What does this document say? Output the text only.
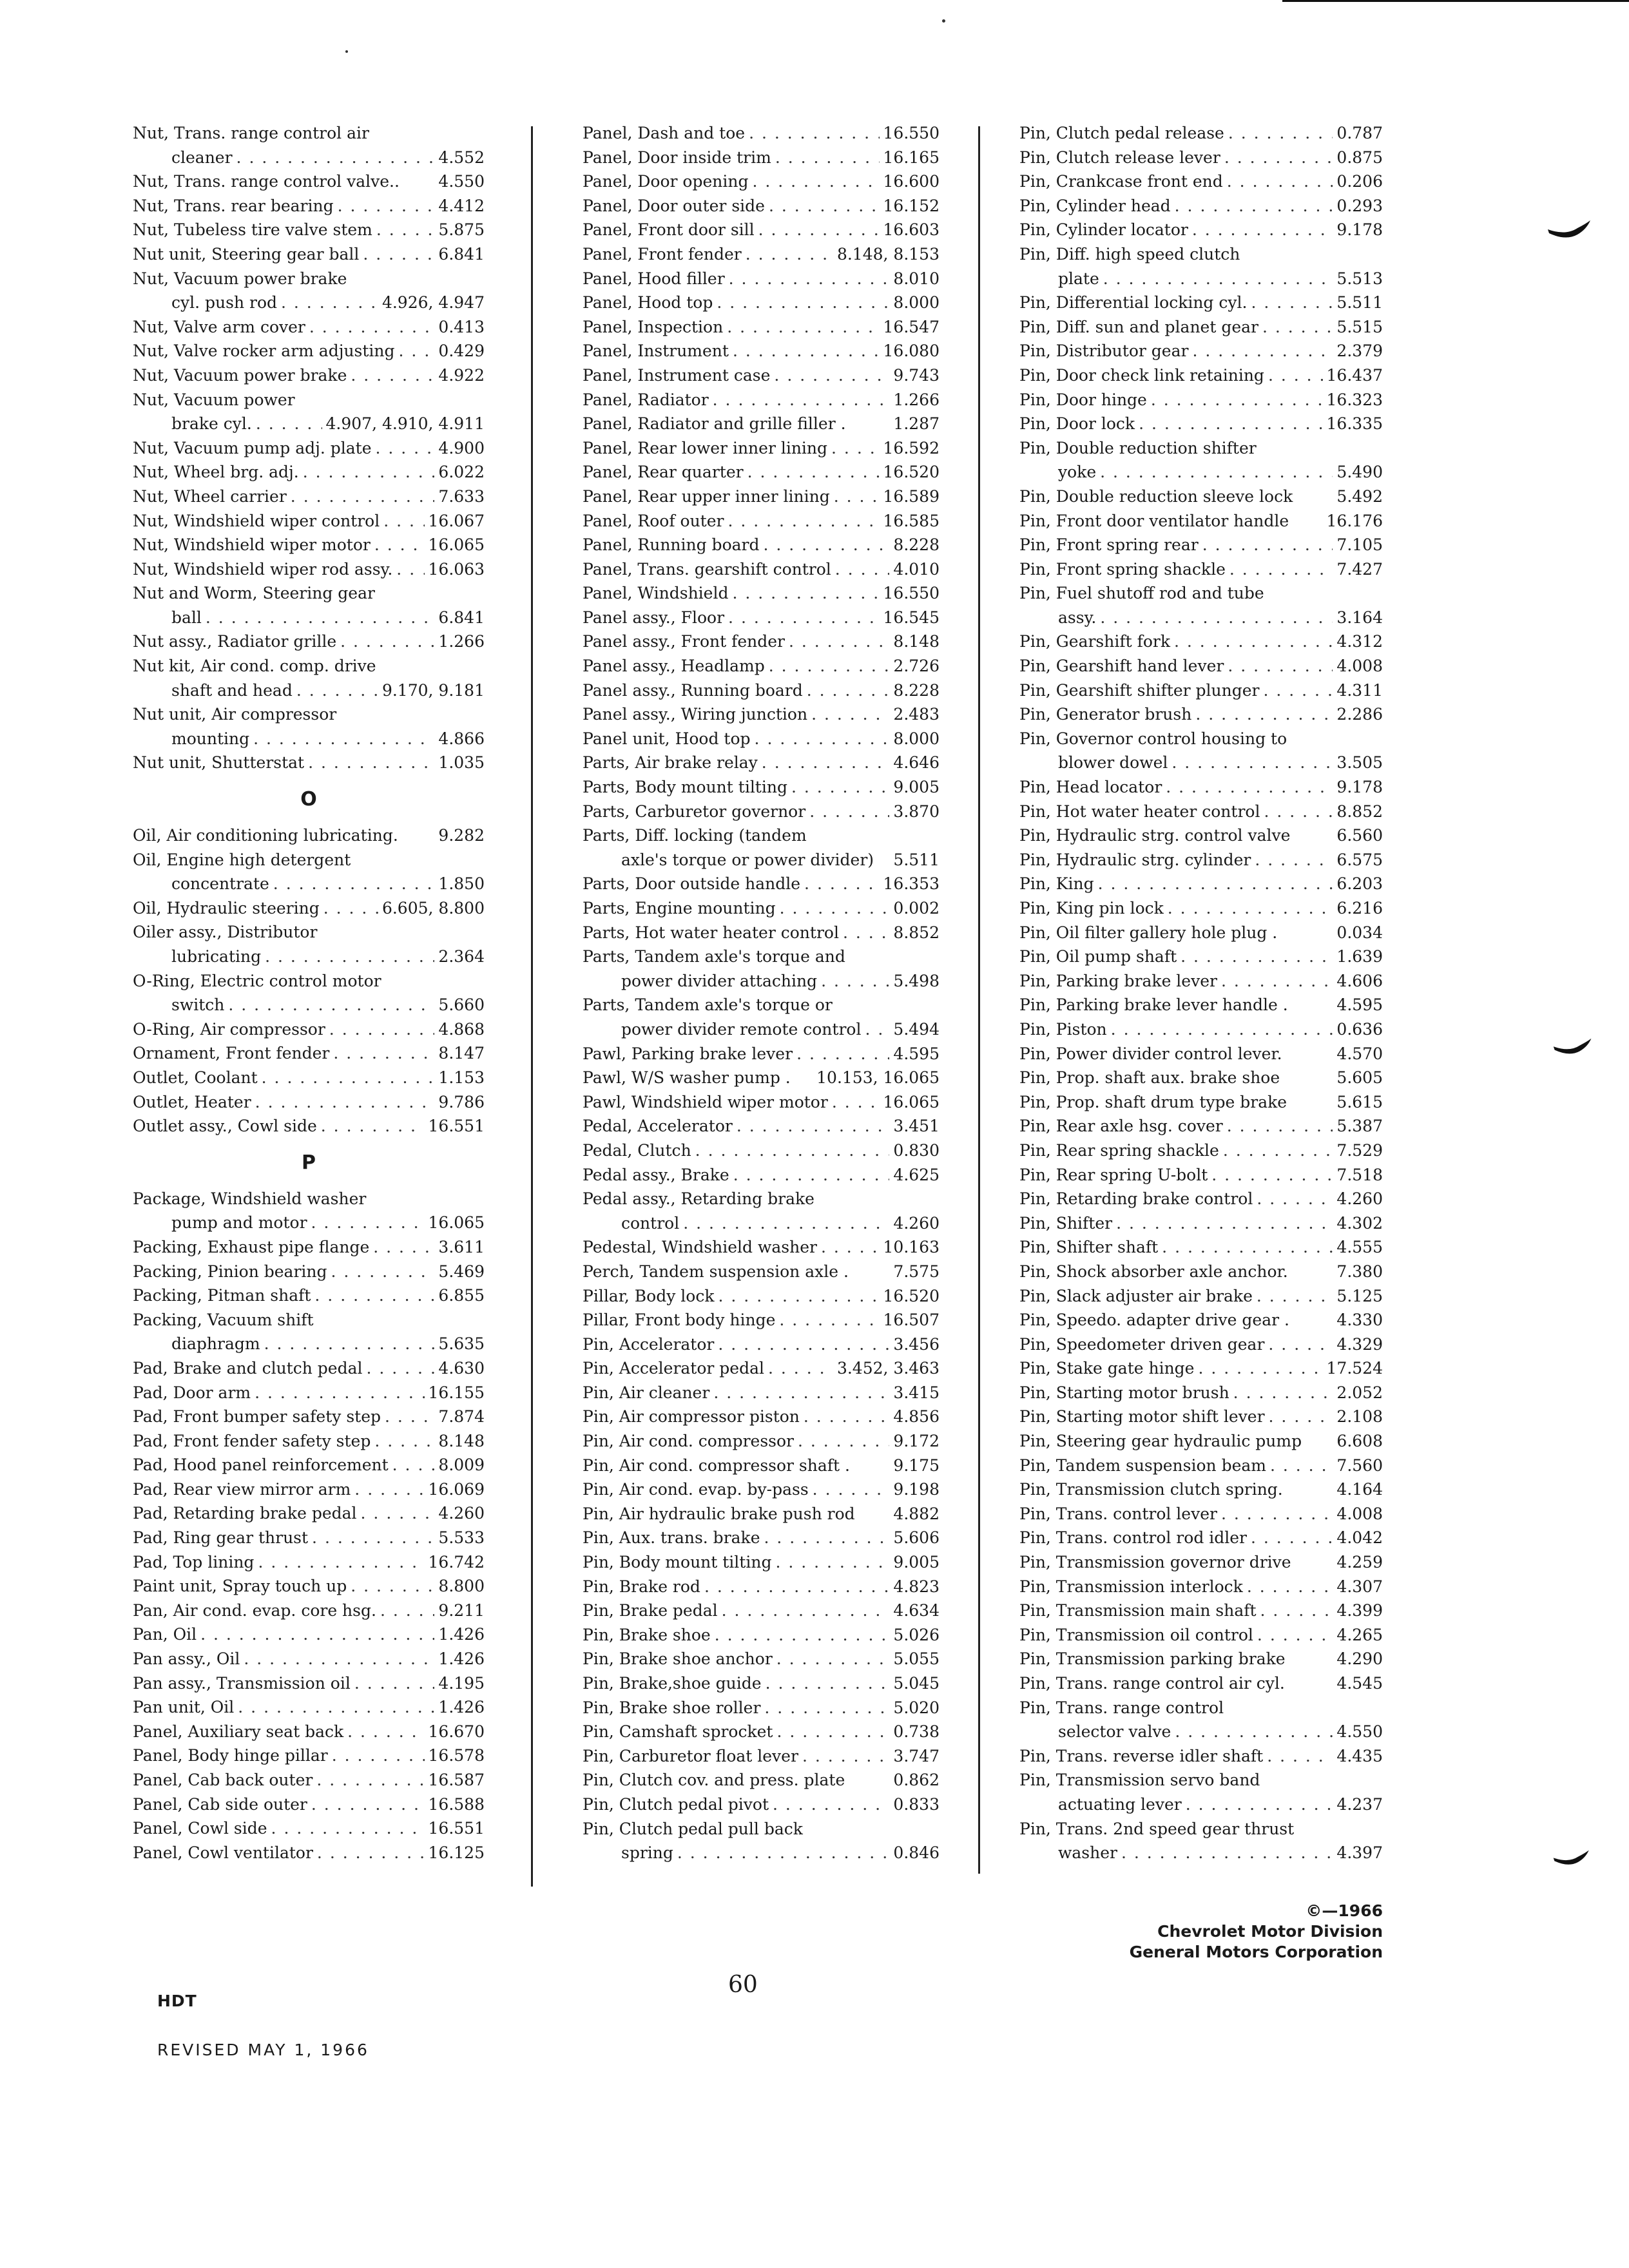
Nut, Trans. range control air
cleaner . . .	4.552
Nut, Trans. range control valve.. 4.550
Nut, Trans. rear bearing . . .	4.412
Nut, Tubeless tire valve stem . . .	5.875
Nut unit, Steering gear ball . . .	6.841
Nut, Vacuum power brake
cyl. push rod . . .	4.926, 4.947
Nut, Valve arm cover . . .	0.413
Nut, Valve rocker arm adjusting . . .	0.429
Nut, Vacuum power brake . . .	4.922
Nut, Vacuum power
brake cyl. . . .	4.907, 4.910, 4.911
Nut, Vacuum pump adj. plate . . .	4.900
Nut, Wheel brg. adj. . . .	6.022
Nut, Wheel carrier . . .	7.633
Nut, Windshield wiper control . . .	16.067
Nut, Windshield wiper motor . . .	16.065
Nut, Windshield wiper rod assy. . . . 16.063
Nut and Worm, Steering gear
ball . . .	6.841
Nut assy., Radiator grille . . .	1.266
Nut kit, Air cond. comp. drive
shaft and head . . .	9.170, 9.181
Nut unit, Air compressor
mounting . . .	4.866
Nut unit, Shutterstat . . .	1.035
O
Oil, Air conditioning lubricating.	9.282
Oil, Engine high detergent
concentrate . . .	1.850
Oil, Hydraulic steering . . .	6.605, 8.800
Oiler assy., Distributor
lubricating . . .	2.364
O-Ring, Electric control motor
switch . . .	5.660
O-Ring, Air compressor . . .	4.868
Ornament, Front fender . . .	8.147
Outlet, Coolant . . .	1.153
Outlet, Heater . . .	9.786
Outlet assy., Cowl side . . .	16.551
P
Package, Windshield washer
pump and motor . . .	16.065
Packing, Exhaust pipe flange . . .	3.611
Packing, Pinion bearing . . .	5.469
Packing, Pitman shaft . . .	6.855
Packing, Vacuum shift
diaphragm . . .	5.635
Pad, Brake and clutch pedal . . .	4.630
Pad, Door arm . . .	16.155
Pad, Front bumper safety step . . .	7.874
Pad, Front fender safety step . . .	8.148
Pad, Hood panel reinforcement . . .	8.009
Pad, Rear view mirror arm . . .	16.069
Pad, Retarding brake pedal . . .	4.260
Pad, Ring gear thrust . . .	5.533
Pad, Top lining . . .	16.742
Paint unit, Spray touch up . . .	8.800
Pan, Air cond. evap. core hsg. . . .	9.211
Pan, Oil . . .	1.426
Pan assy., Oil . . .	1.426
Pan assy., Transmission oil . . .	4.195
Pan unit, Oil . . .	1.426
Panel, Auxiliary seat back . . .	16.670
Panel, Body hinge pillar . . .	16.578
Panel, Cab back outer . . .	16.587
Panel, Cab side outer . . .	16.588
Panel, Cowl side . . .	16.551
Panel, Cowl ventilator . . .	16.125
Panel, Dash and toe . . .	16.550
Panel, Door inside trim . . .	16.165
Panel, Door opening . . .	16.600
Panel, Door outer side . . .	16.152
Panel, Front door sill . . .	16.603
Panel, Front fender . . .	8.148, 8.153
Panel, Hood filler . . .	8.010
Panel, Hood top . . .	8.000
Panel, Inspection . . .	16.547
Panel, Instrument . . .	16.080
Panel, Instrument case . . .	9.743
Panel, Radiator . . .	1.266
Panel, Radiator and grille filler .	1.287
Panel, Rear lower inner lining . . .	16.592
Panel, Rear quarter . . .	16.520
Panel, Rear upper inner lining . . .	16.589
Panel, Roof outer . . .	16.585
Panel, Running board . . .	8.228
Panel, Trans. gearshift control . . .	4.010
Panel, Windshield . . .	16.550
Panel assy., Floor . . .	16.545
Panel assy., Front fender . . .	8.148
Panel assy., Headlamp . . .	2.726
Panel assy., Running board . . .	8.228
Panel assy., Wiring junction . . .	2.483
Panel unit, Hood top . . .	8.000
Parts, Air brake relay . . .	4.646
Parts, Body mount tilting . . .	9.005
Parts, Carburetor governor . . .	3.870
Parts, Diff. locking (tandem
axle's torque or power divider) 5.511
Parts, Door outside handle . . .	16.353
Parts, Engine mounting . . .	0.002
Parts, Hot water heater control . . .	8.852
Parts, Tandem axle's torque and
power divider attaching . . .	5.498
Parts, Tandem axle's torque or
power divider remote control . . . 5.494
Pawl, Parking brake lever . . .	4.595
Pawl, W/S washer pump . 10.153, 16.065
Pawl, Windshield wiper motor . . .	16.065
Pedal, Accelerator . . .	3.451
Pedal, Clutch . . .	0.830
Pedal assy., Brake . . .	4.625
Pedal assy., Retarding brake
control . . .	4.260
Pedestal, Windshield washer . . .	10.163
Perch, Tandem suspension axle .	7.575
Pillar, Body lock . . .	16.520
Pillar, Front body hinge . . .	16.507
Pin, Accelerator . . .	3.456
Pin, Accelerator pedal . . .	3.452, 3.463
Pin, Air cleaner . . .	3.415
Pin, Air compressor piston . . .	4.856
Pin, Air cond. compressor . . .	9.172
Pin, Air cond. compressor shaft .	9.175
Pin, Air cond. evap. by-pass . . .	9.198
Pin, Air hydraulic brake push rod 4.882
Pin, Aux. trans. brake . . .	5.606
Pin, Body mount tilting . . .	9.005
Pin, Brake rod . . .	4.823
Pin, Brake pedal . . .	4.634
Pin, Brake shoe . . .	5.026
Pin, Brake shoe anchor . . .	5.055
Pin, Brake,shoe guide . . .	5.045
Pin, Brake shoe roller . . .	5.020
Pin, Camshaft sprocket . . .	0.738
Pin, Carburetor float lever . . .	3.747
Pin, Clutch cov. and press. plate	0.862
Pin, Clutch pedal pivot . . .	0.833
Pin, Clutch pedal pull back
spring . . .	0.846
Pin, Clutch pedal release . . .	0.787
Pin, Clutch release lever . . .	0.875
Pin, Crankcase front end . . .	0.206
Pin, Cylinder head . . .	0.293
Pin, Cylinder locator . . .	9.178
Pin, Diff. high speed clutch
plate . . .	5.513
Pin, Differential locking cyl. . . .	5.511
Pin, Diff. sun and planet gear . . .	5.515
Pin, Distributor gear . . .	2.379
Pin, Door check link retaining . . .	16.437
Pin, Door hinge . . .	16.323
Pin, Door lock . . .	16.335
Pin, Double reduction shifter
yoke . . .	5.490
Pin, Double reduction sleeve lock	5.492
Pin, Front door ventilator handle 16.176
Pin, Front spring rear . . .	7.105
Pin, Front spring shackle . . .	7.427
Pin, Fuel shutoff rod and tube
assy. . . .	3.164
Pin, Gearshift fork . . .	4.312
Pin, Gearshift hand lever . . .	4.008
Pin, Gearshift shifter plunger . . .	4.311
Pin, Generator brush . . .	2.286
Pin, Governor control housing to
blower dowel . . .	3.505
Pin, Head locator . . .	9.178
Pin, Hot water heater control . . .	8.852
Pin, Hydraulic strg. control valve	6.560
Pin, Hydraulic strg. cylinder . . .	6.575
Pin, King . . .	6.203
Pin, King pin lock . . .	6.216
Pin, Oil filter gallery hole plug .	0.034
Pin, Oil pump shaft . . .	1.639
Pin, Parking brake lever . . .	4.606
Pin, Parking brake lever handle .	4.595
Pin, Piston . . .	0.636
Pin, Power divider control lever.	4.570
Pin, Prop. shaft aux. brake shoe	5.605
Pin, Prop. shaft drum type brake	5.615
Pin, Rear axle hsg. cover . . .	5.387
Pin, Rear spring shackle . . .	7.529
Pin, Rear spring U-bolt . . .	7.518
Pin, Retarding brake control . . .	4.260
Pin, Shifter . . .	4.302
Pin, Shifter shaft . . .	4.555
Pin, Shock absorber axle anchor.	7.380
Pin, Slack adjuster air brake . . .	5.125
Pin, Speedo. adapter drive gear .	4.330
Pin, Speedometer driven gear . . .	4.329
Pin, Stake gate hinge . . .	17.524
Pin, Starting motor brush . . .	2.052
Pin, Starting motor shift lever . . .	2.108
Pin, Steering gear hydraulic pump 6.608
Pin, Tandem suspension beam . . .	7.560
Pin, Transmission clutch spring.	4.164
Pin, Trans. control lever . . .	4.008
Pin, Trans. control rod idler . . .	4.042
Pin, Transmission governor drive	4.259
Pin, Transmission interlock . . .	4.307
Pin, Transmission main shaft . . .	4.399
Pin, Transmission oil control . . .	4.265
Pin, Transmission parking brake	4.290
Pin, Trans. range control air cyl.	4.545
Pin, Trans. range control
selector valve . . .	4.550
Pin, Trans. reverse idler shaft . . .	4.435
Pin, Transmission servo band
actuating lever . . .	4.237
Pin, Trans. 2nd speed gear thrust
washer . . .	4.397
©—1966
Chevrolet Motor Division
General Motors Corporation
60
HDT
REVISED MAY 1, 1966
